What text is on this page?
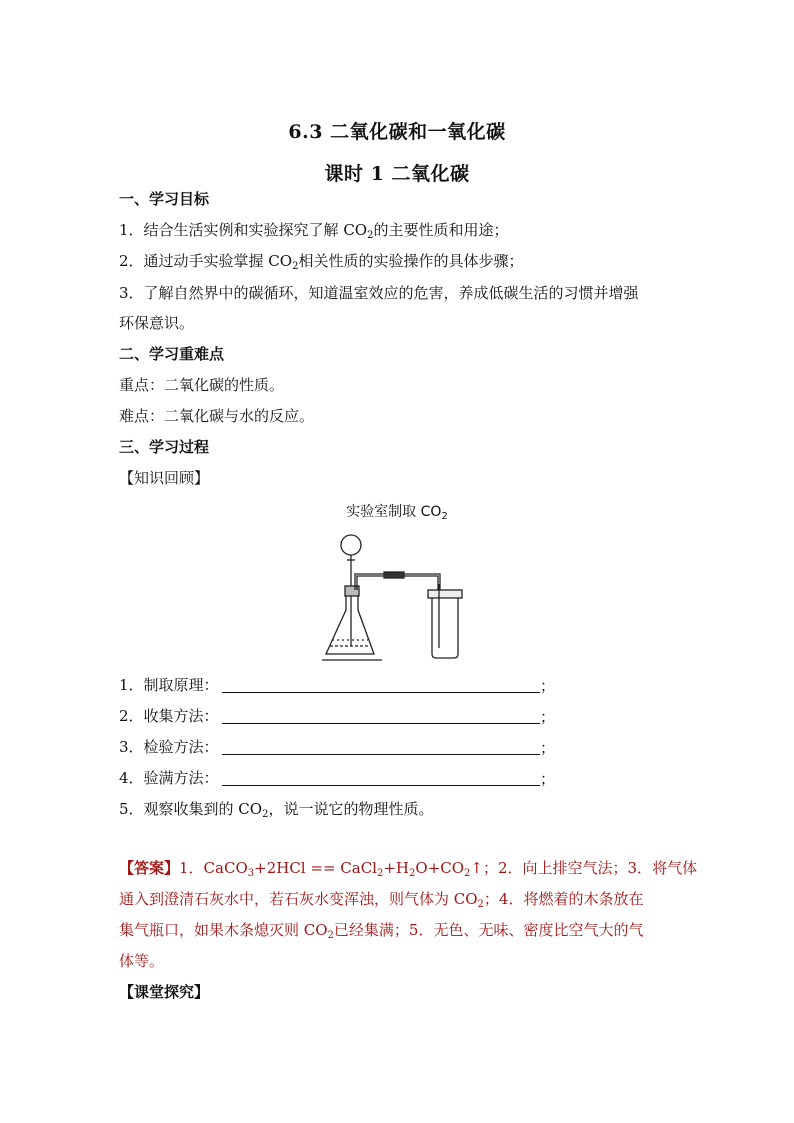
6.3 二氧化碳和一氧化碳
课时 1 二氧化碳
一、学习目标
1．结合生活实例和实验探究了解 $CO_2$的主要性质和用途；
2．通过动手实验掌握 $CO_2$相关性质的实验操作的具体步骤；
3．了解自然界中的碳循环，知道温室效应的危害，养成低碳生活的习惯并增强
环保意识。
二、学习重难点
重点：二氧化碳的性质。
难点：二氧化碳与水的反应。
三、学习过程
【知识回顾】
实验室制取 $CO_2$
1．制取原理：	；
2．收集方法：	；
3．检验方法：	；
4．验满方法：	；
5．观察收集到的 $CO_2$，说一说它的物理性质。
【答案】1．CaCO$_3$+2HCl == $CaCl_2+H_2O+CO_2↑$；2．向上排空气法；3．将气体
通入到澄清石灰水中，若石灰水变浑浊，则气体为 $CO_2$；4．将燃着的木条放在
集气瓶口，如果木条熄灭则 $CO_2$已经集满；5．无色、无味、密度比空气大的气
体等。
【课堂探究】
